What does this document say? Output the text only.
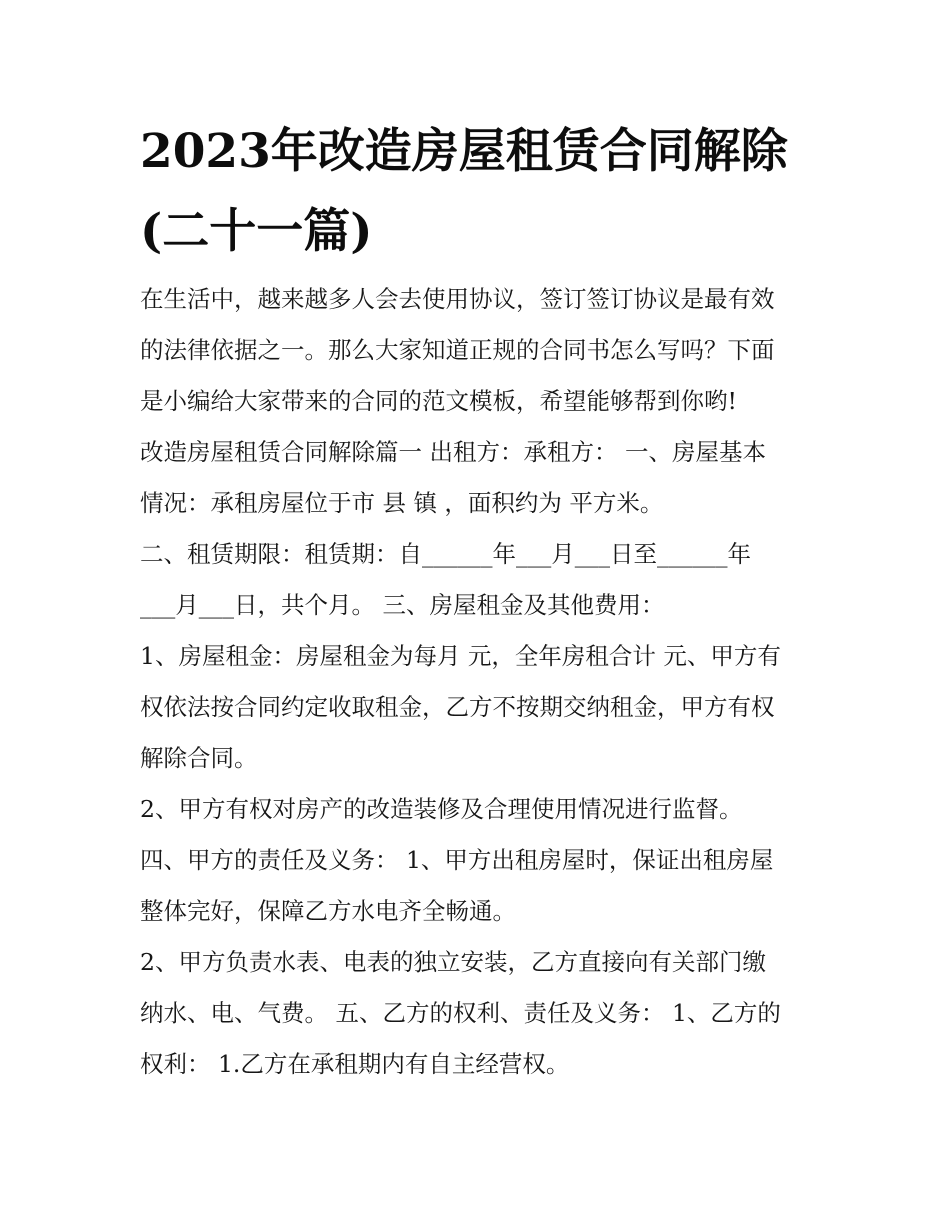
2023年改造房屋租赁合同解除
(二十一篇)
在生活中，越来越多人会去使用协议，签订签订协议是最有效
的法律依据之一。那么大家知道正规的合同书怎么写吗？下面
是小编给大家带来的合同的范文模板，希望能够帮到你哟!
改造房屋租赁合同解除篇一 出租方：承租方： 一、房屋基本
情况：承租房屋位于市 县 镇 ，面积约为 平方米。
二、租赁期限：租赁期：自______年___月___日至______年
___月___日，共个月。 三、房屋租金及其他费用：
1、房屋租金：房屋租金为每月 元，全年房租合计 元、甲方有
权依法按合同约定收取租金，乙方不按期交纳租金，甲方有权
解除合同。
2、甲方有权对房产的改造装修及合理使用情况进行监督。
四、甲方的责任及义务： 1、甲方出租房屋时，保证出租房屋
整体完好，保障乙方水电齐全畅通。
2、甲方负责水表、电表的独立安装，乙方直接向有关部门缴
纳水、电、气费。 五、乙方的权利、责任及义务： 1、乙方的
权利： 1.乙方在承租期内有自主经营权。
